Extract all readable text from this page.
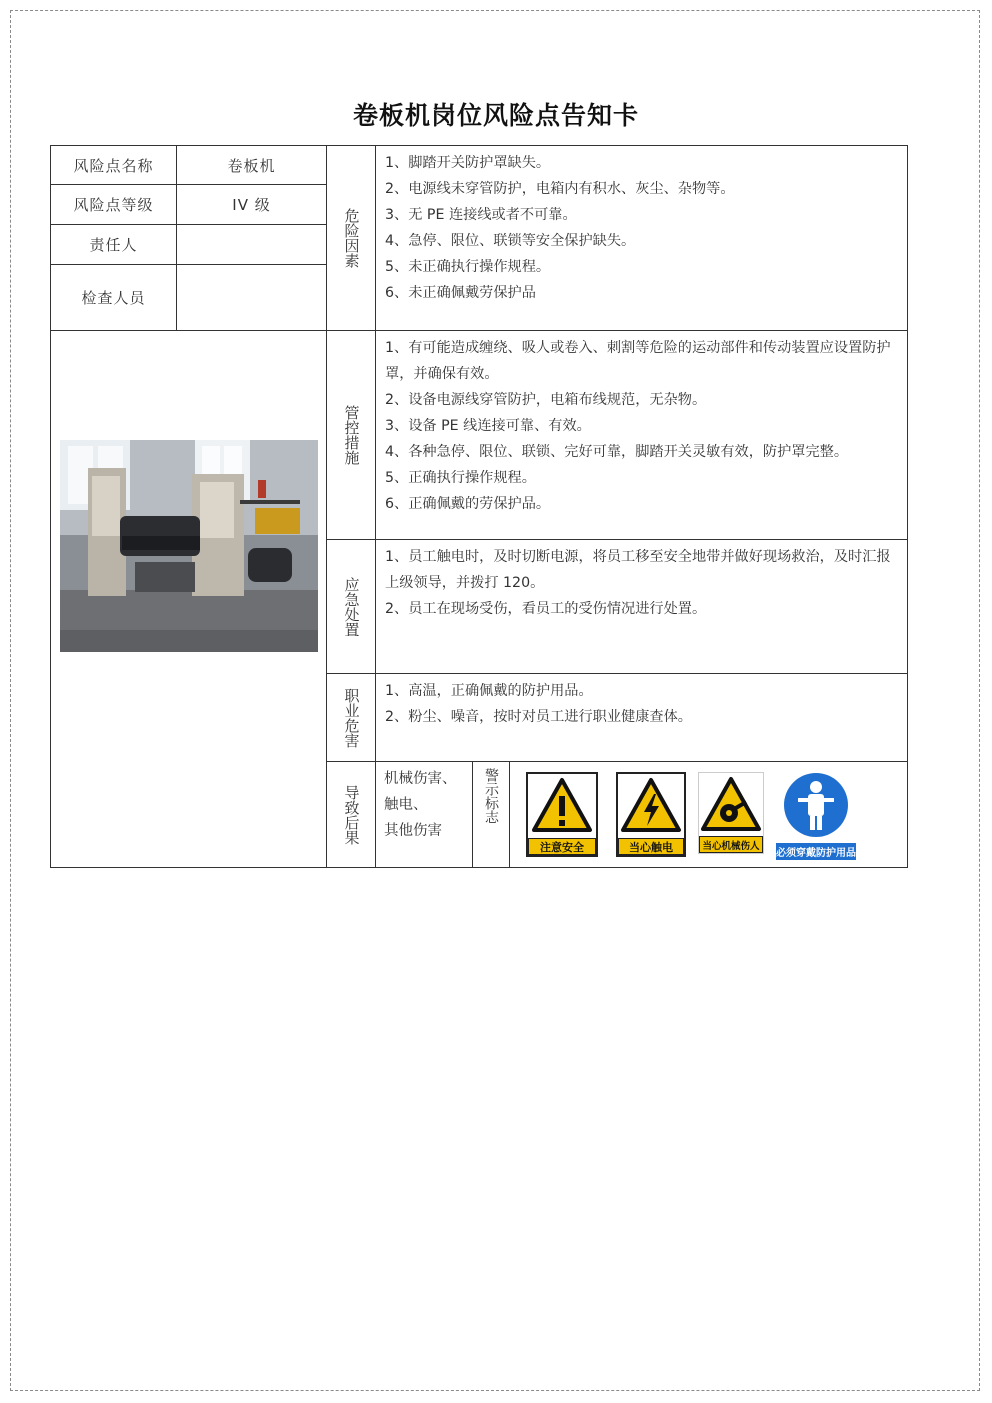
卷板机岗位风险点告知卡
风险点名称	卷板机
风险点等级	IV 级
责任人
检查人员
危险因素
1、脚踏开关防护罩缺失。
2、电源线未穿管防护，电箱内有积水、灰尘、杂物等。
3、无 PE 连接线或者不可靠。
4、急停、限位、联锁等安全保护缺失。
5、未正确执行操作规程。
6、未正确佩戴劳保护品
管控措施
1、有可能造成缠绕、吸人或卷入、刺割等危险的运动部件和传动装置应设置防护罩，并确保有效。
2、设备电源线穿管防护，电箱布线规范，无杂物。
3、设备 PE 线连接可靠、有效。
4、各种急停、限位、联锁、完好可靠，脚踏开关灵敏有效，防护罩完整。
5、正确执行操作规程。
6、正确佩戴的劳保护品。
应急处置
1、员工触电时，及时切断电源，将员工移至安全地带并做好现场救治，及时汇报上级领导，并拨打 120。
2、员工在现场受伤，看员工的受伤情况进行处置。
职业危害 1、高温，正确佩戴的防护用品。
2、粉尘、噪音，按时对员工进行职业健康查体。
导致后果
机械伤害、
触电、
其他伤害
警示标志
注意安全	当心触电	当心机械伤人
必须穿戴防护用品
